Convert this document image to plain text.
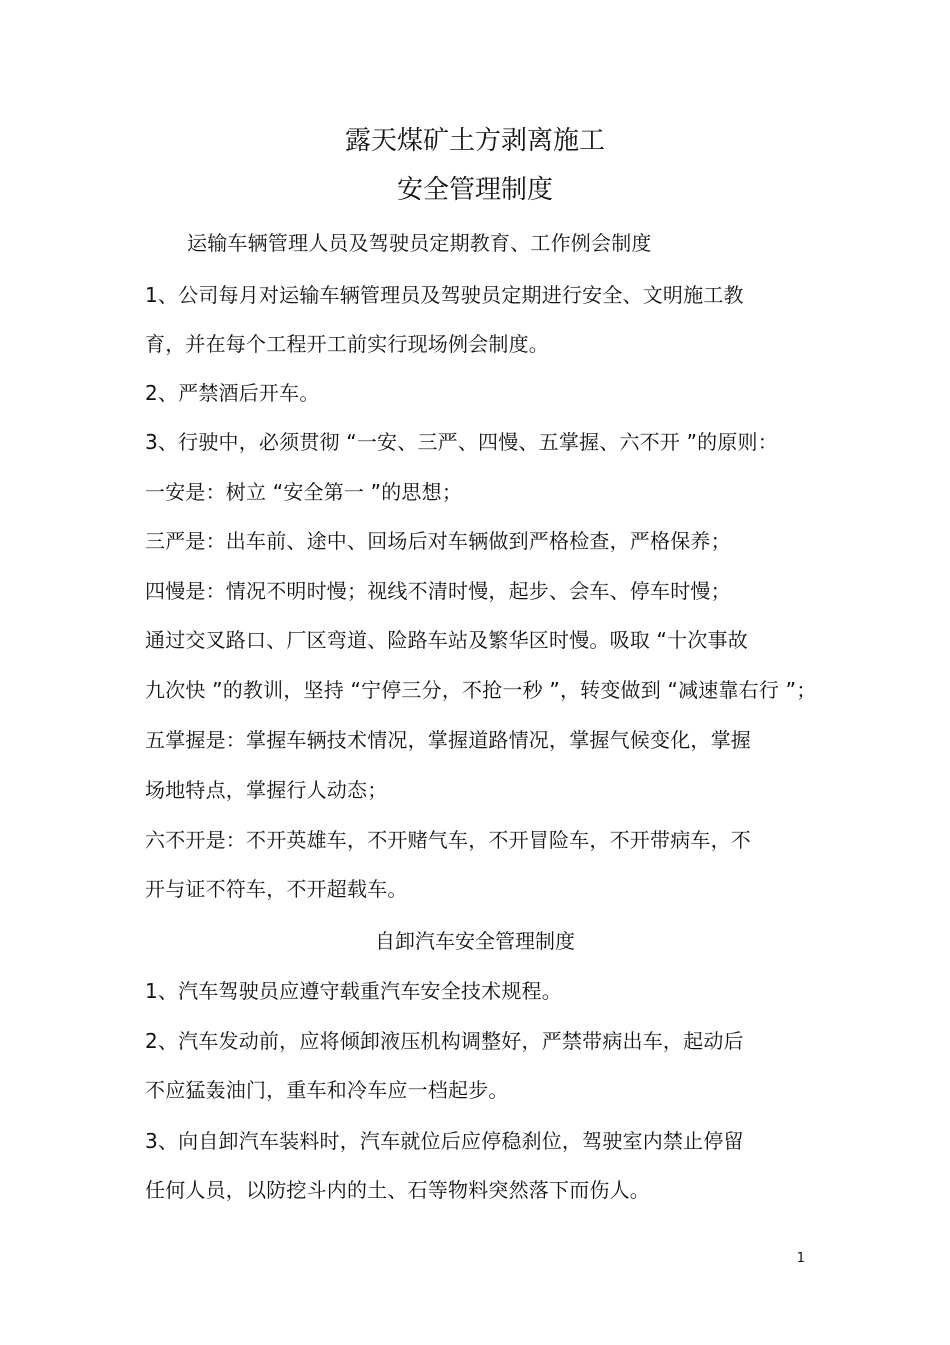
露天煤矿土方剥离施工
安全管理制度
运输车辆管理人员及驾驶员定期教育、工作例会制度
1、公司每月对运输车辆管理员及驾驶员定期进行安全、文明施工教
育，并在每个工程开工前实行现场例会制度。
2、严禁酒后开车。
3、行驶中，必须贯彻 “一安、三严、四慢、五掌握、六不开 ”的原则：
一安是：树立 “安全第一 ”的思想；
三严是：出车前、途中、回场后对车辆做到严格检查，严格保养；
四慢是：情况不明时慢；视线不清时慢，起步、会车、停车时慢；
通过交叉路口、厂区弯道、险路车站及繁华区时慢。吸取 “十次事故
九次快 ”的教训，坚持 “宁停三分，不抢一秒 ”，转变做到 “减速靠右行 ”；
五掌握是：掌握车辆技术情况，掌握道路情况，掌握气候变化，掌握
场地特点，掌握行人动态；
六不开是：不开英雄车，不开赌气车，不开冒险车，不开带病车，不
开与证不符车，不开超载车。
自卸汽车安全管理制度
1、汽车驾驶员应遵守载重汽车安全技术规程。
2、汽车发动前，应将倾卸液压机构调整好，严禁带病出车，起动后
不应猛轰油门，重车和冷车应一档起步。
3、向自卸汽车装料时，汽车就位后应停稳刹位，驾驶室内禁止停留
任何人员，以防挖斗内的土、石等物料突然落下而伤人。
1
